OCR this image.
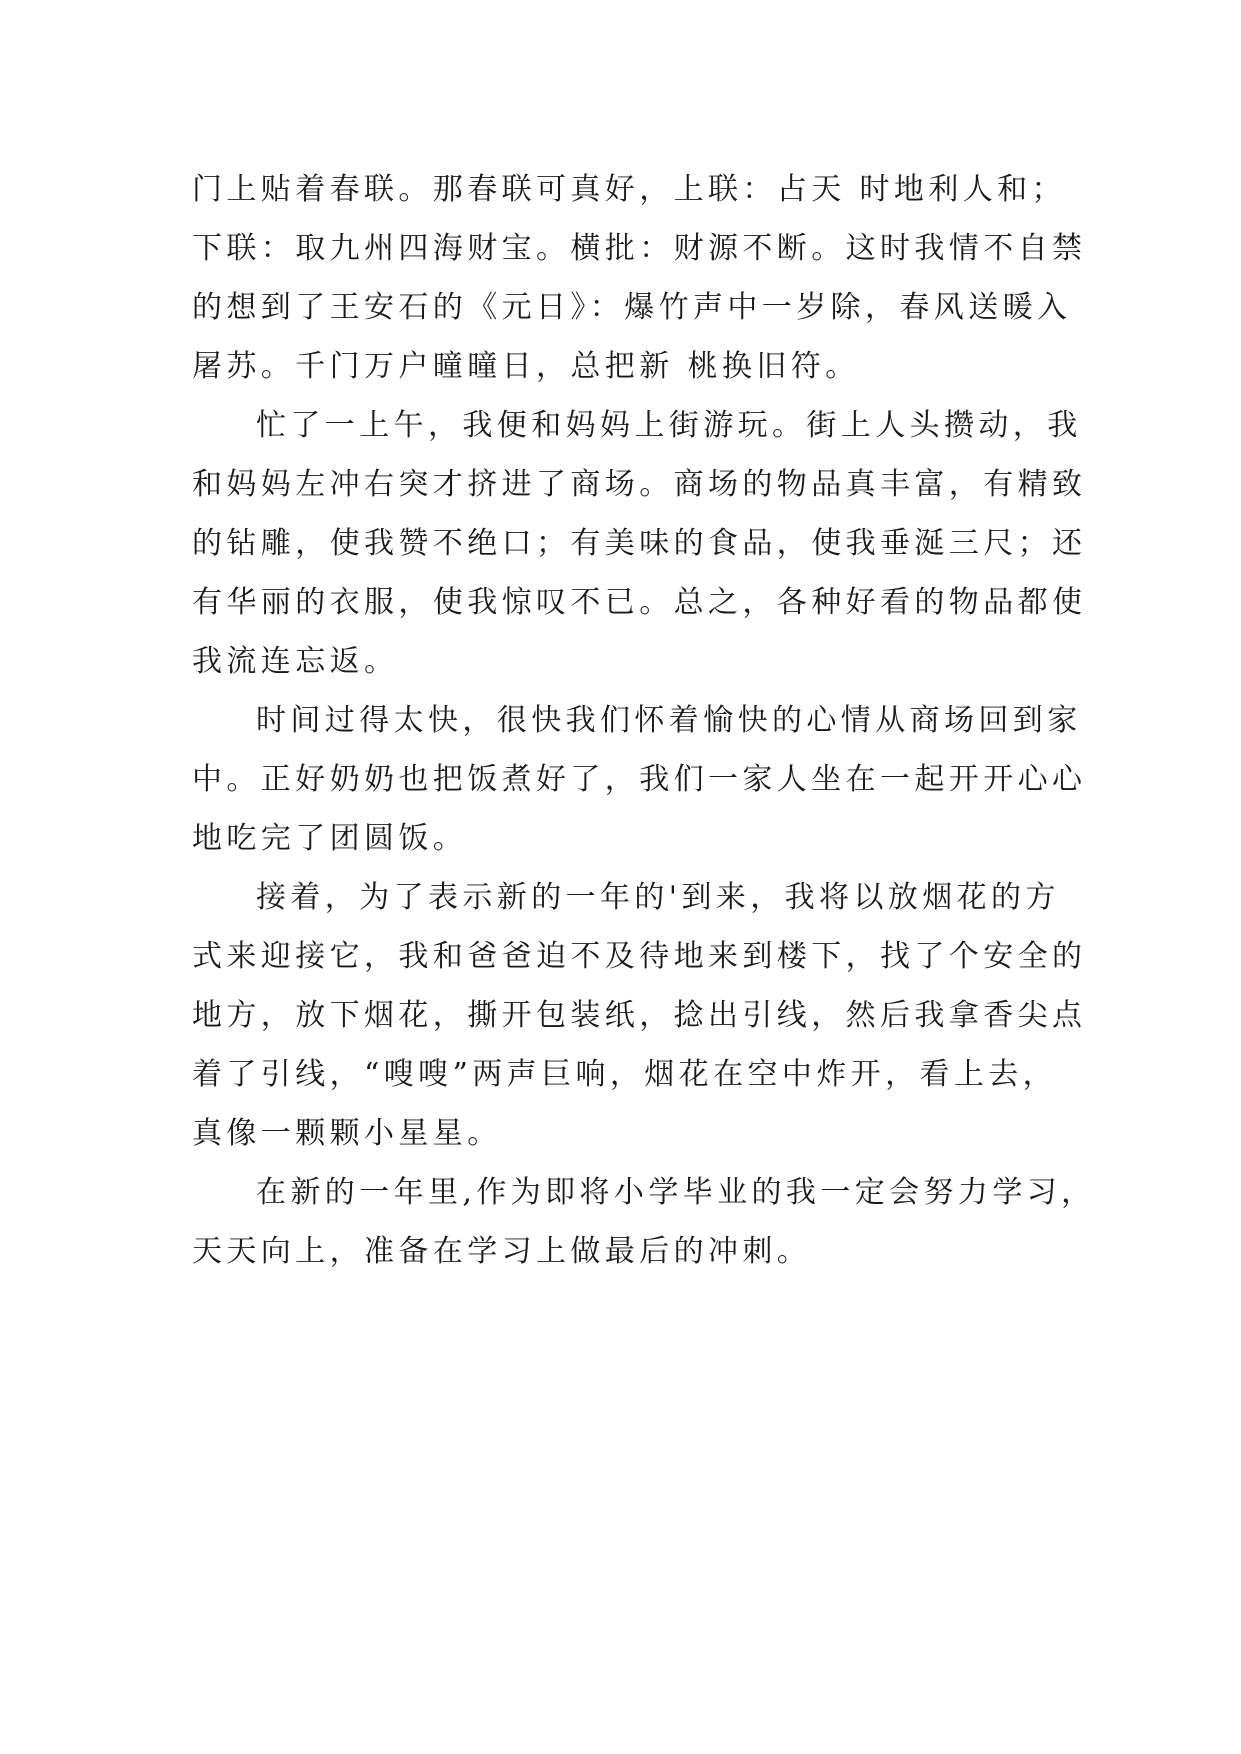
门上贴着春联。那春联可真好，上联：占天 时地利人和；
下联：取九州四海财宝。横批：财源不断。这时我情不自禁
的想到了王安石的《元日》：爆竹声中一岁除，春风送暖入
屠苏。千门万户曈曈日，总把新 桃换旧符。
忙了一上午，我便和妈妈上街游玩。街上人头攒动，我
和妈妈左冲右突才挤进了商场。商场的物品真丰富，有精致
的钻雕，使我赞不绝口；有美味的食品，使我垂涎三尺；还
有华丽的衣服，使我惊叹不已。总之，各种好看的物品都使
我流连忘返。
时间过得太快，很快我们怀着愉快的心情从商场回到家
中。正好奶奶也把饭煮好了，我们一家人坐在一起开开心心
地吃完了团圆饭。
接着，为了表示新的一年的'到来，我将以放烟花的方
式来迎接它，我和爸爸迫不及待地来到楼下，找了个安全的
地方，放下烟花，撕开包装纸，捻出引线，然后我拿香尖点
着了引线，“嗖嗖”两声巨响，烟花在空中炸开，看上去，
真像一颗颗小星星。
在新的一年里,作为即将小学毕业的我一定会努力学习，
天天向上，准备在学习上做最后的冲刺。
